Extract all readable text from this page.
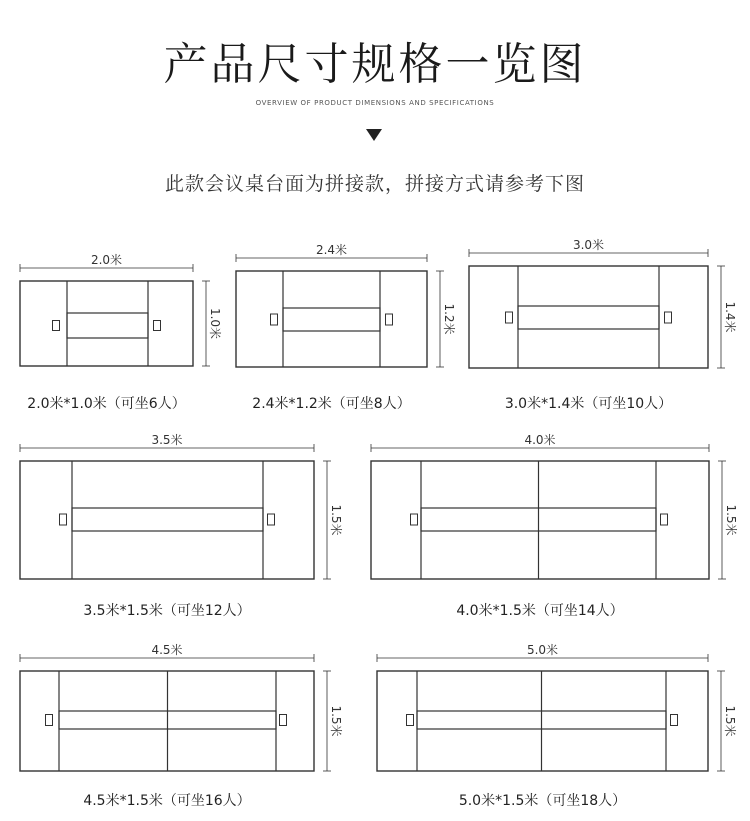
产品尺寸规格一览图
OVERVIEW OF PRODUCT DIMENSIONS AND SPECIFICATIONS
此款会议桌台面为拼接款，拼接方式请参考下图
2.0米
1.0米
2.0米*1.0米（可坐6人）
2.4米
1.2米
2.4米*1.2米（可坐8人）
3.0米
1.4米
3.0米*1.4米（可坐10人）
3.5米
1.5米
3.5米*1.5米（可坐12人）
4.0米
1.5米
4.0米*1.5米（可坐14人）
4.5米
1.5米
4.5米*1.5米（可坐16人）
5.0米
1.5米
5.0米*1.5米（可坐18人）
